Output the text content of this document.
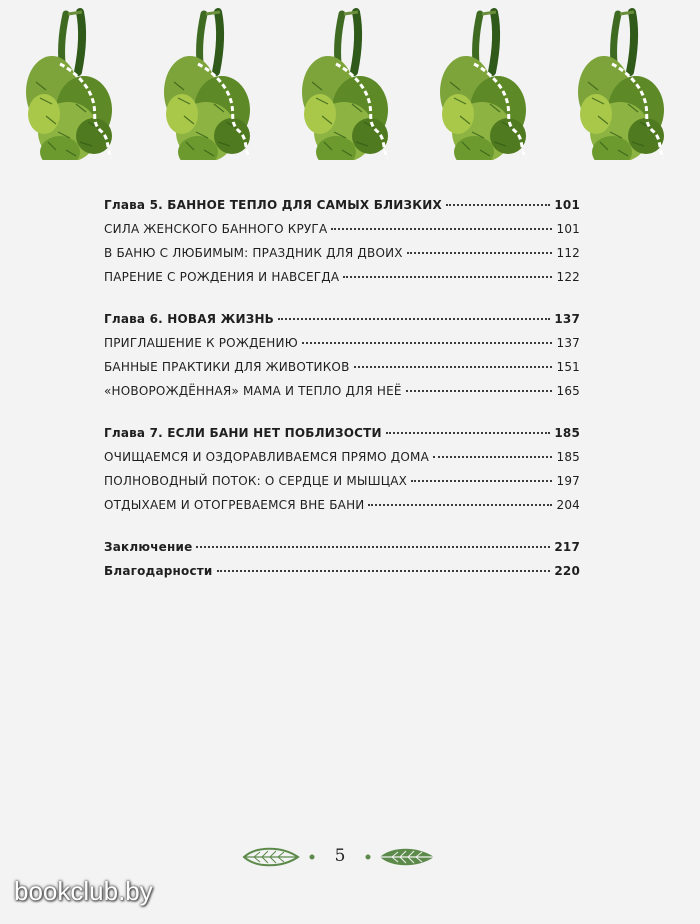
Глава 5. БАННОЕ ТЕПЛО ДЛЯ САМЫХ БЛИЗКИХ	101
СИЛА ЖЕНСКОГО БАННОГО КРУГА	101
В БАНЮ С ЛЮБИМЫМ: ПРАЗДНИК ДЛЯ ДВОИХ	112
ПАРЕНИЕ С РОЖДЕНИЯ И НАВСЕГДА	122
Глава 6. НОВАЯ ЖИЗНЬ	137
ПРИГЛАШЕНИЕ К РОЖДЕНИЮ	137
БАННЫЕ ПРАКТИКИ ДЛЯ ЖИВОТИКОВ	151
«НОВОРОЖДЁННАЯ» МАМА И ТЕПЛО ДЛЯ НЕЁ	165
Глава 7. ЕСЛИ БАНИ НЕТ ПОБЛИЗОСТИ	185
ОЧИЩАЕМСЯ И ОЗДОРАВЛИВАЕМСЯ ПРЯМО ДОМА	185
ПОЛНОВОДНЫЙ ПОТОК: О СЕРДЦЕ И МЫШЦАХ	197
ОТДЫХАЕМ И ОТОГРЕВАЕМСЯ ВНЕ БАНИ	204
Заключение	217
Благодарности	220
5
bookclub.by
